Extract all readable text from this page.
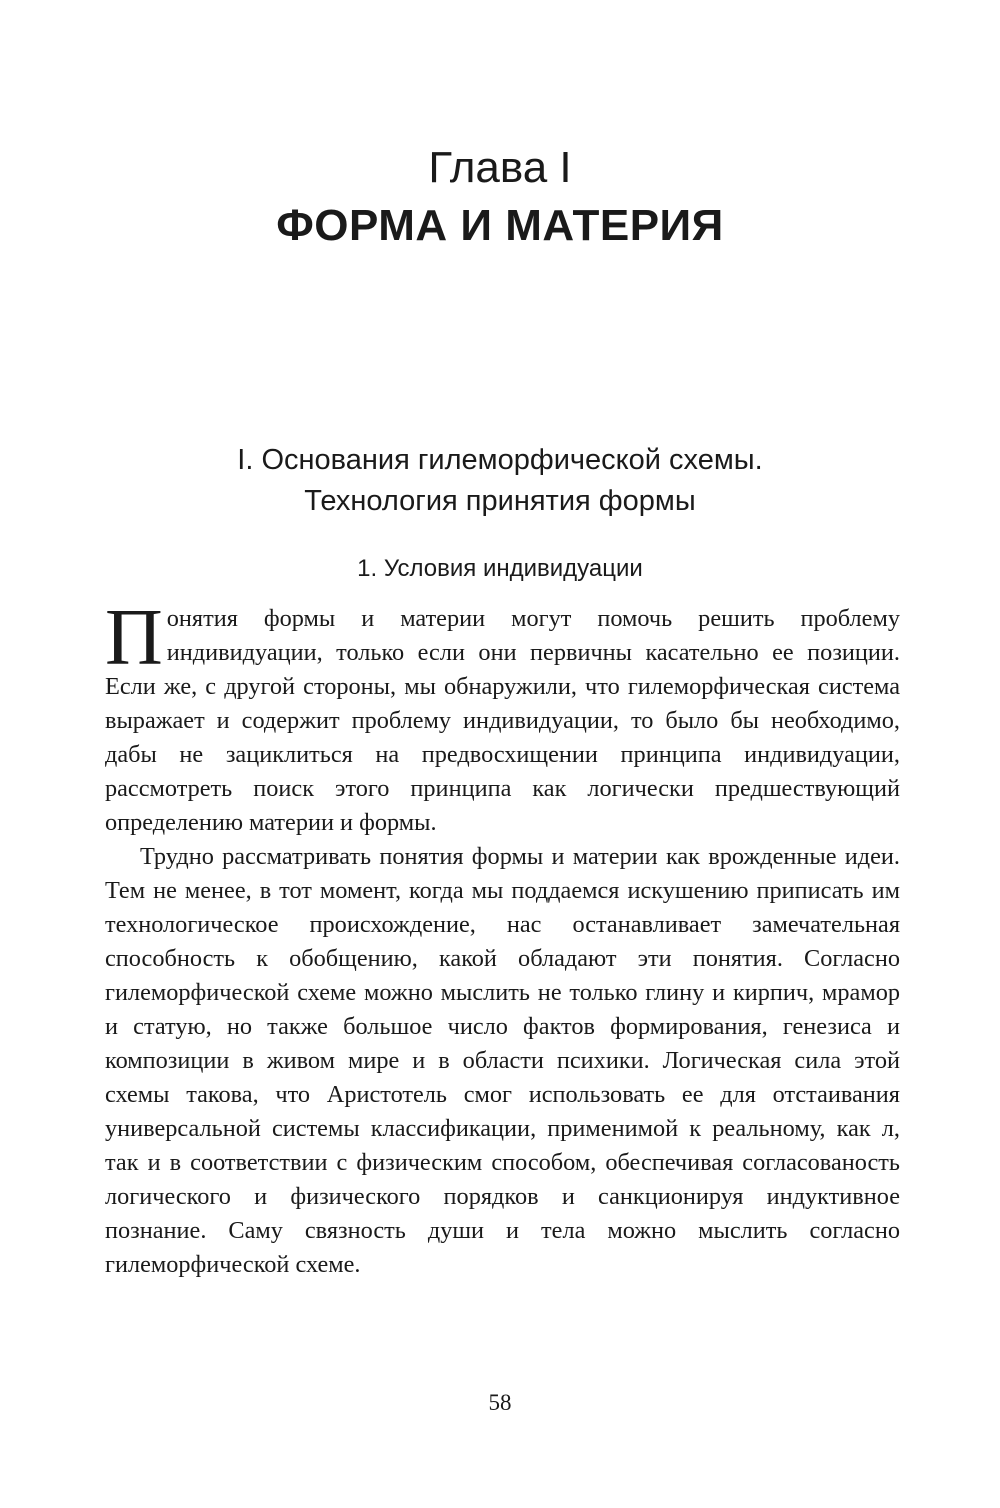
Глава I
ФОРМА И МАТЕРИЯ
I. Основания гилеморфической схемы.
Технология принятия формы
1. Условия индивидуации

Понятия формы и материи могут помочь решить проблему индивидуации, только если они первичны касательно ее позиции. Если же, с другой стороны, мы обнаружили, что гилеморфическая система выражает и содержит проблему индивидуации, то было бы необходимо, дабы не зациклиться на предвосхищении принципа индивидуации, рассмотреть поиск этого принципа как логически предшествующий определению материи и формы.

Трудно рассматривать понятия формы и материи как врожденные идеи. Тем не менее, в тот момент, когда мы поддаемся искушению приписать им технологическое происхождение, нас останавливает замечательная способность к обобщению, какой обладают эти понятия. Согласно гилеморфической схеме можно мыслить не только глину и кирпич, мрамор и статую, но также большое число фактов формирования, генезиса и композиции в живом мире и в области психики. Логическая сила этой схемы такова, что Аристотель смог использовать ее для отстаивания универсальной системы классификации, применимой к реальному, как л, так и в соответствии с физическим способом, обеспечивая согласованость логического и физического порядков и санкционируя индуктивное познание. Саму связность души и тела можно мыслить согласно гилеморфической схеме.

58
